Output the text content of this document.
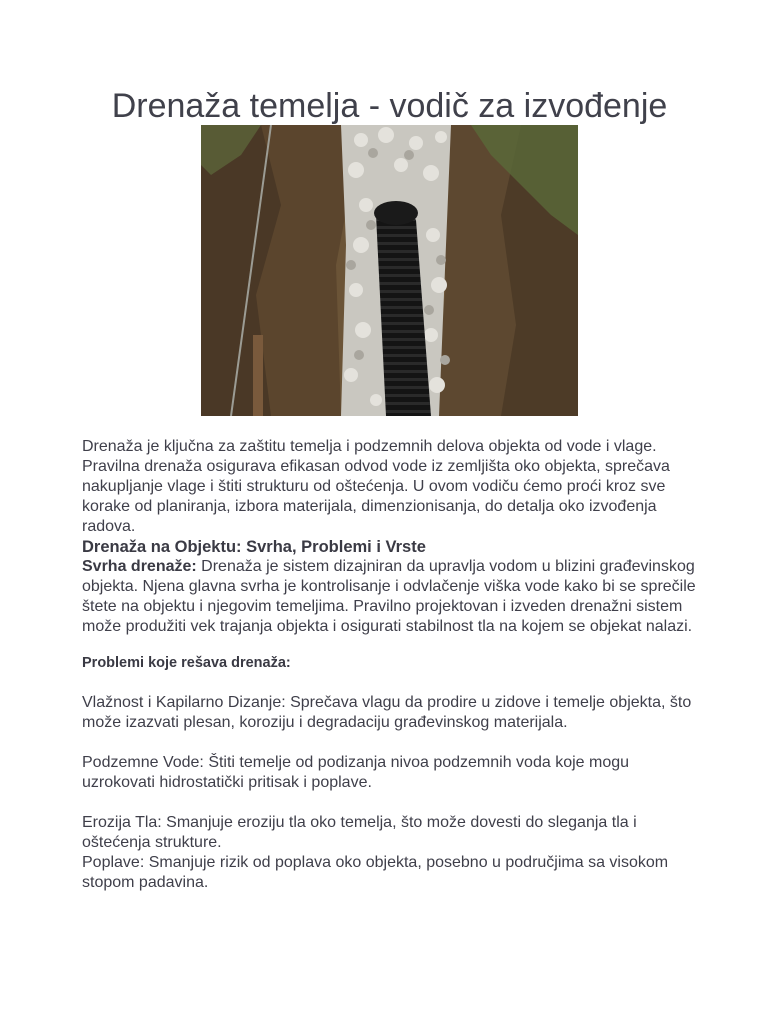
Drenaža temelja - vodič za izvođenje

Drenaža je ključna za zaštitu temelja i podzemnih delova objekta od vode i vlage. Pravilna drenaža osigurava efikasan odvod vode iz zemljišta oko objekta, sprečava nakupljanje vlage i štiti strukturu od oštećenja. U ovom vodiču ćemo proći kroz sve korake od planiranja, izbora materijala, dimenzionisanja, do detalja oko izvođenja radova.

Drenaža na Objektu: Svrha, Problemi i Vrste

Svrha drenaže: Drenaža je sistem dizajniran da upravlja vodom u blizini građevinskog objekta. Njena glavna svrha je kontrolisanje i odvlačenje viška vode kako bi se sprečile štete na objektu i njegovim temeljima. Pravilno projektovan i izveden drenažni sistem može produžiti vek trajanja objekta i osigurati stabilnost tla na kojem se objekat nalazi.

Problemi koje rešava drenaža:

Vlažnost i Kapilarno Dizanje: Sprečava vlagu da prodire u zidove i temelje objekta, što može izazvati plesan, koroziju i degradaciju građevinskog materijala.

Podzemne Vode: Štiti temelje od podizanja nivoa podzemnih voda koje mogu uzrokovati hidrostatički pritisak i poplave.

Erozija Tla: Smanjuje eroziju tla oko temelja, što može dovesti do sleganja tla i oštećenja strukture.

Poplave: Smanjuje rizik od poplava oko objekta, posebno u područjima sa visokom stopom padavina.
